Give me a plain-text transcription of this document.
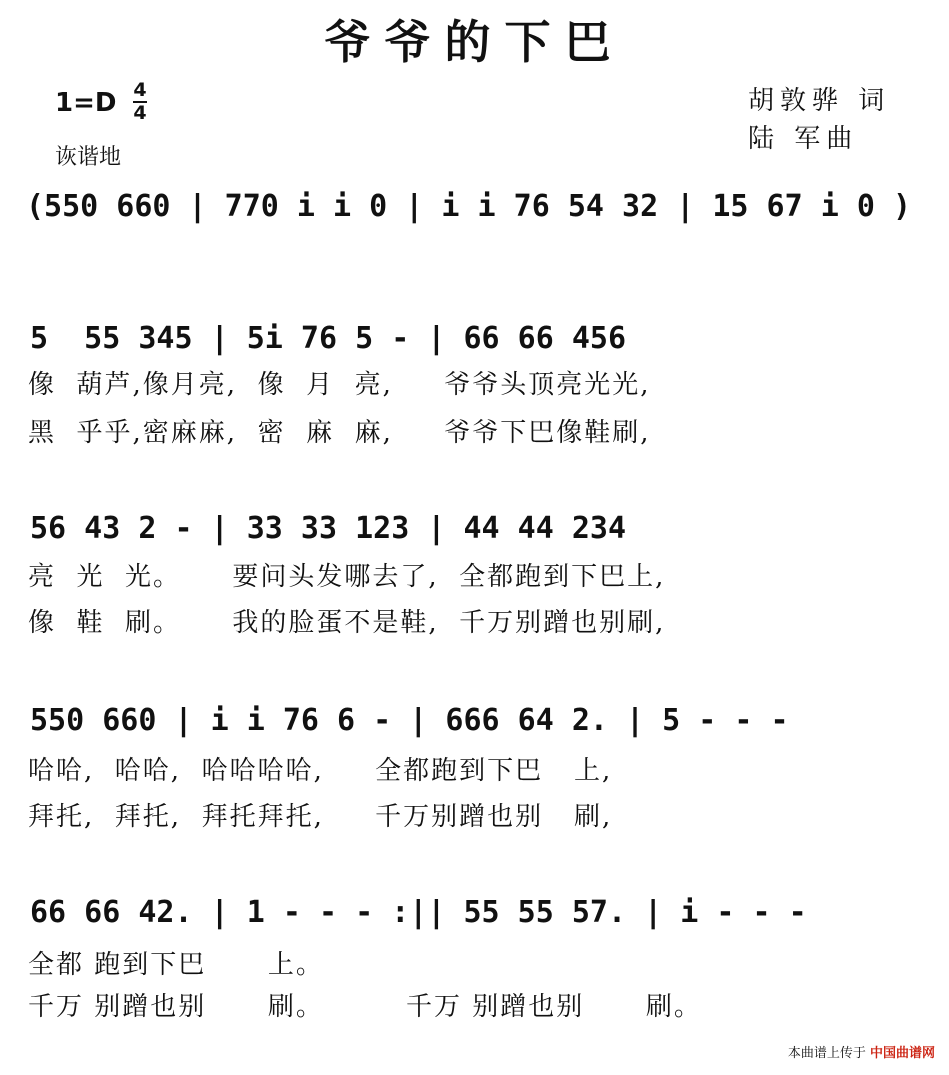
爷爷的下巴
1=D 4
4
诙谐地
胡敦骅 词
陆 军曲
(550 660 | 770 i i 0 | i i 76 54 32 | 15 67 i 0 )
5  55 345 | 5i 76 5 - | 66 66 456
像  葫芦,像月亮,  像  月  亮,     爷爷头顶亮光光,
黑  乎乎,密麻麻,  密  麻  麻,     爷爷下巴像鞋刷,
56 43 2 - | 33 33 123 | 44 44 234
亮  光  光。     要问头发哪去了,  全都跑到下巴上,
像  鞋  刷。     我的脸蛋不是鞋,  千万别蹭也别刷,
550 660 | i i 76 6 - | 666 64 2. | 5 - - -
哈哈,  哈哈,  哈哈哈哈,     全都跑到下巴   上,
拜托,  拜托,  拜托拜托,     千万别蹭也别   刷,
66 66 42. | 1 - - - :|| 55 55 57. | i - - -
全都 跑到下巴      上。
千万 别蹭也别      刷。        千万 别蹭也别      刷。
本曲谱上传于 中国曲谱网
